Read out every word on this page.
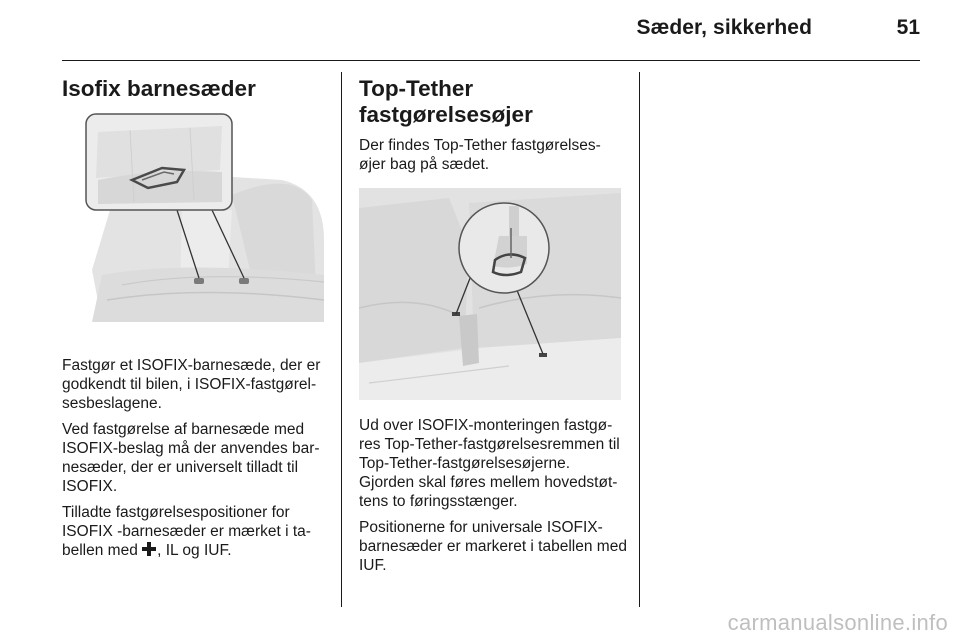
Sæder, sikkerhed	51
Isofix barnesæder

Fastgør et ISOFIX-barnesæde, der er godkendt til bilen, i ISOFIX-fastgørel-sesbeslagene.

Ved fastgørelse af barnesæde med ISOFIX-beslag må der anvendes bar-nesæder, der er universelt tilladt til ISOFIX.

Tilladte fastgørelsespositioner for ISOFIX -barnesæder er mærket i ta-bellen med , IL og IUF.

Top-Tether fastgørelsesøjer

Der findes Top-Tether fastgørelses-øjer bag på sædet.

Ud over ISOFIX-monteringen fastgø-res Top-Tether-fastgørelsesremmen til Top-Tether-fastgørelsesøjerne. Gjorden skal føres mellem hovedstøt-tens to føringsstænger.

Positionerne for universale ISOFIX-barnesæder er markeret i tabellen med IUF.

carmanualsonline.info
